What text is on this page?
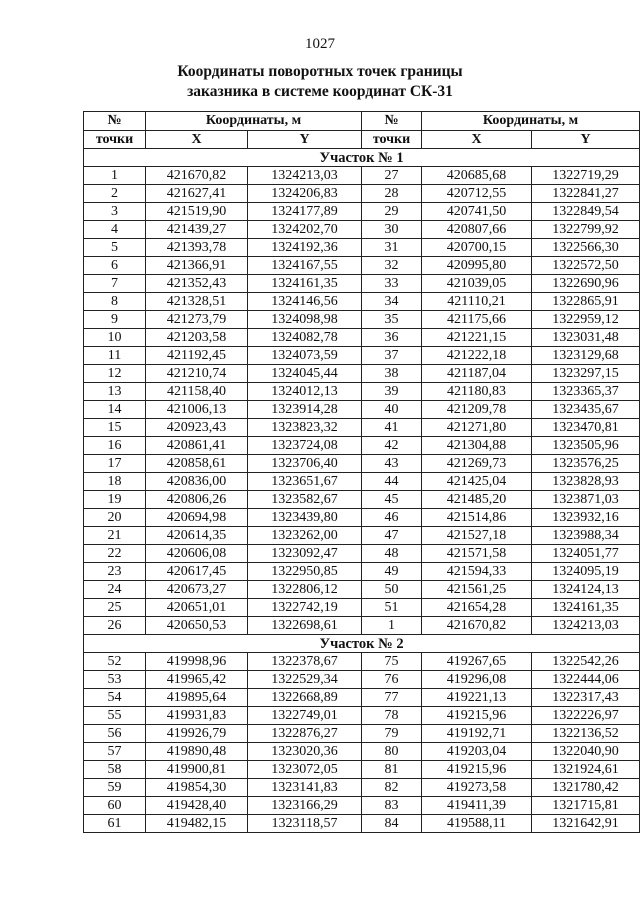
1027
Координаты поворотных точек границы
заказника в системе координат СК-31
№	Координаты, м		№	Координаты, м	
точки	X	Y	точки	X	Y
Участок № 1					
1	421670,82	1324213,03	27	420685,68	1322719,29
2	421627,41	1324206,83	28	420712,55	1322841,27
3	421519,90	1324177,89	29	420741,50	1322849,54
4	421439,27	1324202,70	30	420807,66	1322799,92
5	421393,78	1324192,36	31	420700,15	1322566,30
6	421366,91	1324167,55	32	420995,80	1322572,50
7	421352,43	1324161,35	33	421039,05	1322690,96
8	421328,51	1324146,56	34	421110,21	1322865,91
9	421273,79	1324098,98	35	421175,66	1322959,12
10	421203,58	1324082,78	36	421221,15	1323031,48
11	421192,45	1324073,59	37	421222,18	1323129,68
12	421210,74	1324045,44	38	421187,04	1323297,15
13	421158,40	1324012,13	39	421180,83	1323365,37
14	421006,13	1323914,28	40	421209,78	1323435,67
15	420923,43	1323823,32	41	421271,80	1323470,81
16	420861,41	1323724,08	42	421304,88	1323505,96
17	420858,61	1323706,40	43	421269,73	1323576,25
18	420836,00	1323651,67	44	421425,04	1323828,93
19	420806,26	1323582,67	45	421485,20	1323871,03
20	420694,98	1323439,80	46	421514,86	1323932,16
21	420614,35	1323262,00	47	421527,18	1323988,34
22	420606,08	1323092,47	48	421571,58	1324051,77
23	420617,45	1322950,85	49	421594,33	1324095,19
24	420673,27	1322806,12	50	421561,25	1324124,13
25	420651,01	1322742,19	51	421654,28	1324161,35
26	420650,53	1322698,61	1	421670,82	1324213,03
Участок № 2					
52	419998,96	1322378,67	75	419267,65	1322542,26
53	419965,42	1322529,34	76	419296,08	1322444,06
54	419895,64	1322668,89	77	419221,13	1322317,43
55	419931,83	1322749,01	78	419215,96	1322226,97
56	419926,79	1322876,27	79	419192,71	1322136,52
57	419890,48	1323020,36	80	419203,04	1322040,90
58	419900,81	1323072,05	81	419215,96	1321924,61
59	419854,30	1323141,83	82	419273,58	1321780,42
60	419428,40	1323166,29	83	419411,39	1321715,81
61	419482,15	1323118,57	84	419588,11	1321642,91
